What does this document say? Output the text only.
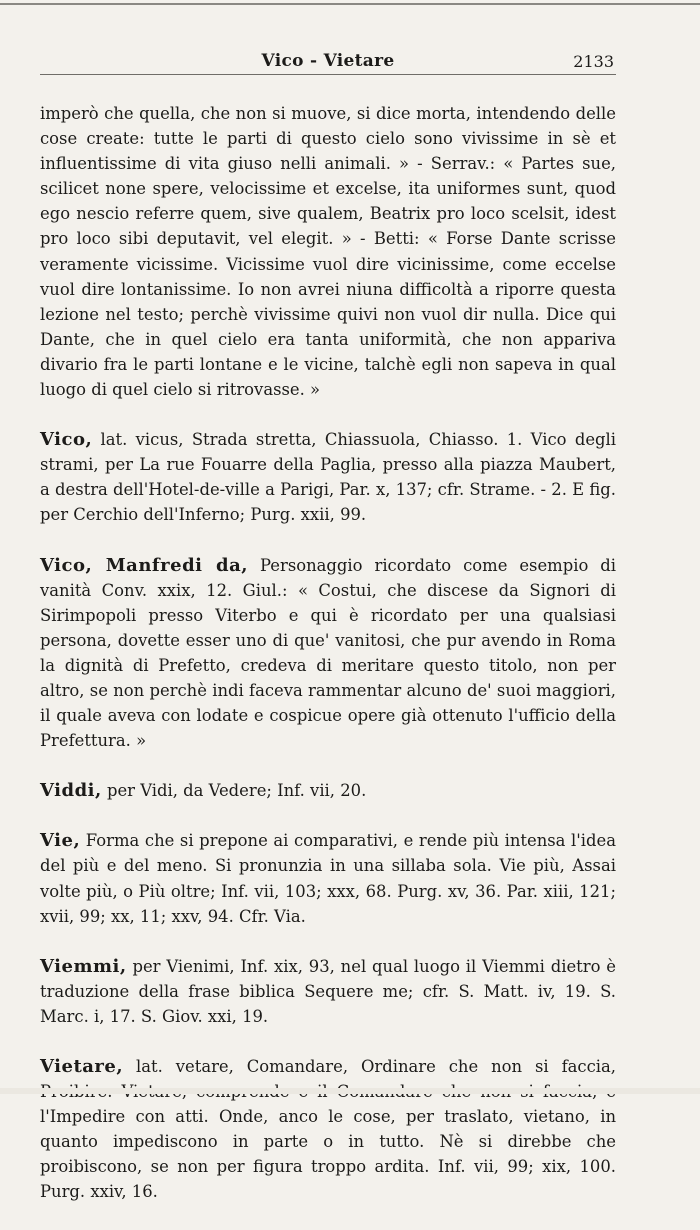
Vico - Vietare	2133

imperò che quella, che non si muove, si dice morta, intendendo delle cose create: tutte le parti di questo cielo sono vivissime in sè et influentissime di vita giuso nelli animali. » - Serrav.: « Partes sue, scilicet none spere, velocissime et excelse, ita uniformes sunt, quod ego nescio referre quem, sive qualem, Beatrix pro loco scelsit, idest pro loco sibi deputavit, vel elegit. » - Betti: « Forse Dante scrisse veramente vicissime. Vicissime vuol dire vicinissime, come eccelse vuol dire lontanissime. Io non avrei niuna difficoltà a riporre questa lezione nel testo; perchè vivissime quivi non vuol dir nulla. Dice qui Dante, che in quel cielo era tanta uniformità, che non appariva divario fra le parti lontane e le vicine, talchè egli non sapeva in qual luogo di quel cielo si ritrovasse. »

Vico, lat. vicus, Strada stretta, Chiassuola, Chiasso. 1. Vico degli strami, per La rue Fouarre della Paglia, presso alla piazza Maubert, a destra dell'Hotel-de-ville a Parigi, Par. x, 137; cfr. Strame. - 2. E fig. per Cerchio dell'Inferno; Purg. xxii, 99.

Vico, Manfredi da, Personaggio ricordato come esempio di vanità Conv. xxix, 12. Giul.: « Costui, che discese da Signori di Sirimpopoli presso Viterbo e qui è ricordato per una qualsiasi persona, dovette esser uno di que' vanitosi, che pur avendo in Roma la dignità di Prefetto, credeva di meritare questo titolo, non per altro, se non perchè indi faceva rammentar alcuno de' suoi maggiori, il quale aveva con lodate e cospicue opere già ottenuto l'ufficio della Prefettura. »

Viddi, per Vidi, da Vedere; Inf. vii, 20.

Vie, Forma che si prepone ai comparativi, e rende più intensa l'idea del più e del meno. Si pronunzia in una sillaba sola. Vie più, Assai volte più, o Più oltre; Inf. vii, 103; xxx, 68. Purg. xv, 36. Par. xiii, 121; xvii, 99; xx, 11; xxv, 94. Cfr. Via.

Viemmi, per Vienimi, Inf. xix, 93, nel qual luogo il Viemmi dietro è traduzione della frase biblica Sequere me; cfr. S. Matt. iv, 19. S. Marc. i, 17. S. Giov. xxi, 19.

Vietare, lat. vetare, Comandare, Ordinare che non si faccia, l'Impedire con atti. Onde, anco le cose, per traslato, vietano, in quanto impediscono in parte o in tutto. Nè si direbbe che proibiscono, se non per figura troppo ardita. Inf. vii, 99; xix, 100. Purg. xxiv, 16.
